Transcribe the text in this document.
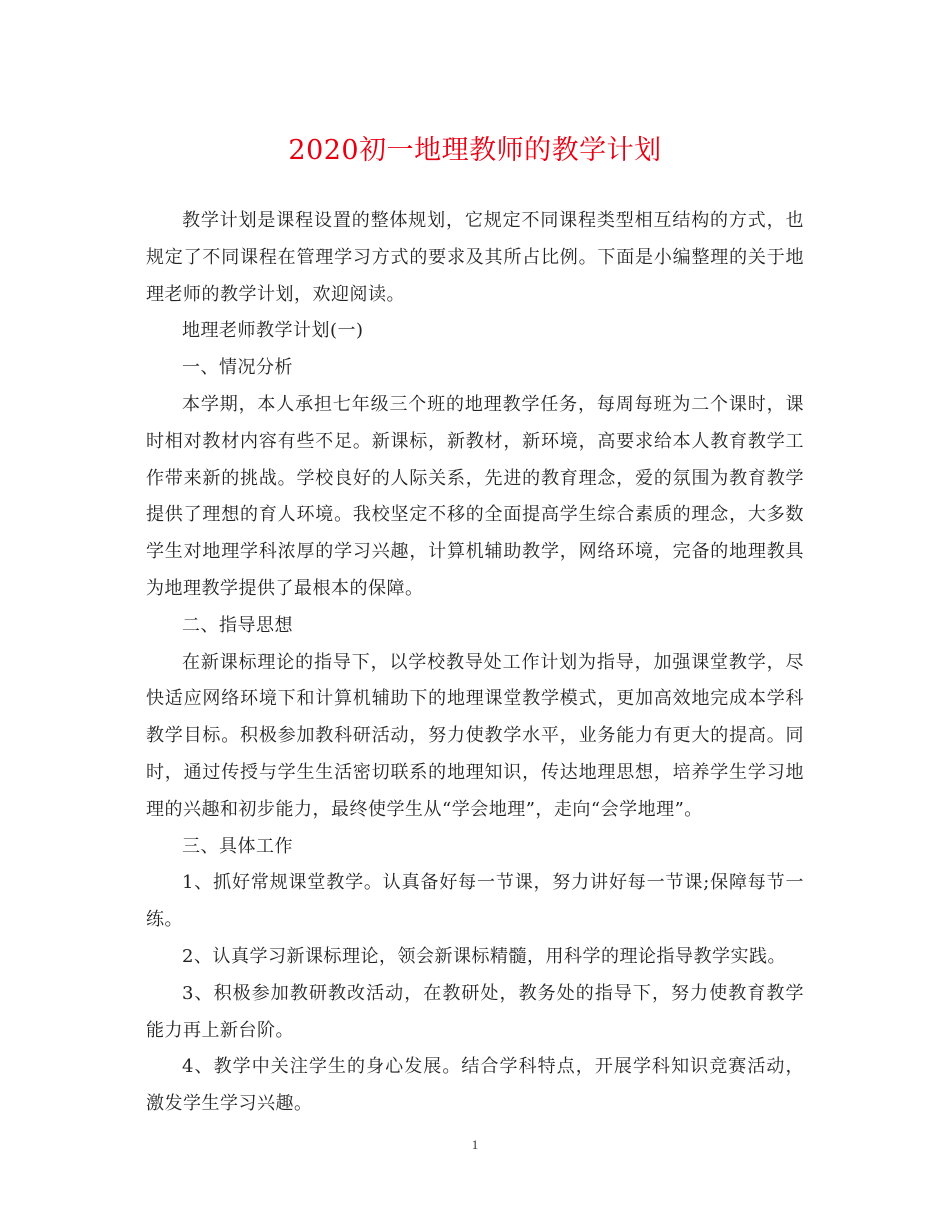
2020初一地理教师的教学计划

教学计划是课程设置的整体规划，它规定不同课程类型相互结构的方式，也规定了不同课程在管理学习方式的要求及其所占比例。下面是小编整理的关于地理老师的教学计划，欢迎阅读。

地理老师教学计划(一)

一、情况分析

本学期，本人承担七年级三个班的地理教学任务，每周每班为二个课时，课时相对教材内容有些不足。新课标，新教材，新环境，高要求给本人教育教学工作带来新的挑战。学校良好的人际关系，先进的教育理念，爱的氛围为教育教学提供了理想的育人环境。我校坚定不移的全面提高学生综合素质的理念，大多数学生对地理学科浓厚的学习兴趣，计算机辅助教学，网络环境，完备的地理教具为地理教学提供了最根本的保障。

二、指导思想

在新课标理论的指导下，以学校教导处工作计划为指导，加强课堂教学，尽快适应网络环境下和计算机辅助下的地理课堂教学模式，更加高效地完成本学科教学目标。积极参加教科研活动，努力使教学水平，业务能力有更大的提高。同时，通过传授与学生生活密切联系的地理知识，传达地理思想，培养学生学习地理的兴趣和初步能力，最终使学生从“学会地理”，走向“会学地理”。

三、具体工作

1、抓好常规课堂教学。认真备好每一节课，努力讲好每一节课;保障每节一练。

2、认真学习新课标理论，领会新课标精髓，用科学的理论指导教学实践。

3、积极参加教研教改活动，在教研处，教务处的指导下，努力使教育教学能力再上新台阶。

4、教学中关注学生的身心发展。结合学科特点，开展学科知识竞赛活动，激发学生学习兴趣。

1
